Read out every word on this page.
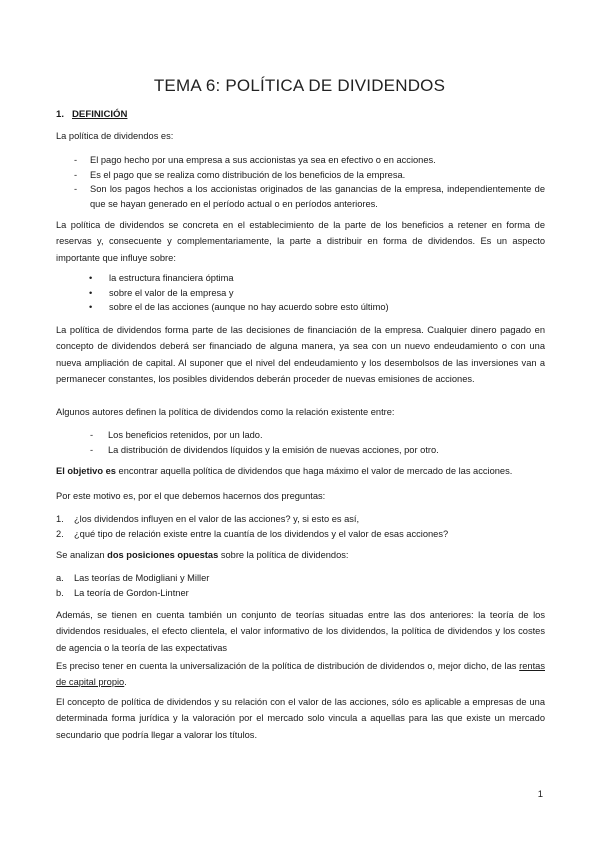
TEMA 6: POLÍTICA DE DIVIDENDOS
1. DEFINICIÓN
La política de dividendos es:
- El pago hecho por una empresa a sus accionistas ya sea en efectivo o en acciones.
- Es el pago que se realiza como distribución de los beneficios de la empresa.
- Son los pagos hechos a los accionistas originados de las ganancias de la empresa, independientemente de que se hayan generado en el período actual o en períodos anteriores.
La política de dividendos se concreta en el establecimiento de la parte de los beneficios a retener en forma de reservas y, consecuente y complementariamente, la parte a distribuir en forma de dividendos. Es un aspecto importante que influye sobre:
• la estructura financiera óptima
• sobre el valor de la empresa y
• sobre el de las acciones (aunque no hay acuerdo sobre esto último)
La política de dividendos forma parte de las decisiones de financiación de la empresa. Cualquier dinero pagado en concepto de dividendos deberá ser financiado de alguna manera, ya sea con un nuevo endeudamiento o con una nueva ampliación de capital. Al suponer que el nivel del endeudamiento y los desembolsos de las inversiones van a permanecer constantes, los posibles dividendos deberán proceder de nuevas emisiones de acciones.
Algunos autores definen la política de dividendos como la relación existente entre:
- Los beneficios retenidos, por un lado.
- La distribución de dividendos líquidos y la emisión de nuevas acciones, por otro.
El objetivo es encontrar aquella política de dividendos que haga máximo el valor de mercado de las acciones.
Por este motivo es, por el que debemos hacernos dos preguntas:
1. ¿los dividendos influyen en el valor de las acciones? y, si esto es así,
2. ¿qué tipo de relación existe entre la cuantía de los dividendos y el valor de esas acciones?
Se analizan dos posiciones opuestas sobre la política de dividendos:
a. Las teorías de Modigliani y Miller
b. La teoría de Gordon-Lintner
Además, se tienen en cuenta también un conjunto de teorías situadas entre las dos anteriores: la teoría de los dividendos residuales, el efecto clientela, el valor informativo de los dividendos, la política de dividendos y los costes de agencia o la teoría de las expectativas
Es preciso tener en cuenta la universalización de la política de distribución de dividendos o, mejor dicho, de las rentas de capital propio.
El concepto de política de dividendos y su relación con el valor de las acciones, sólo es aplicable a empresas de una determinada forma jurídica y la valoración por el mercado solo vincula a aquellas para las que existe un mercado secundario que podría llegar a valorar los títulos.
1
